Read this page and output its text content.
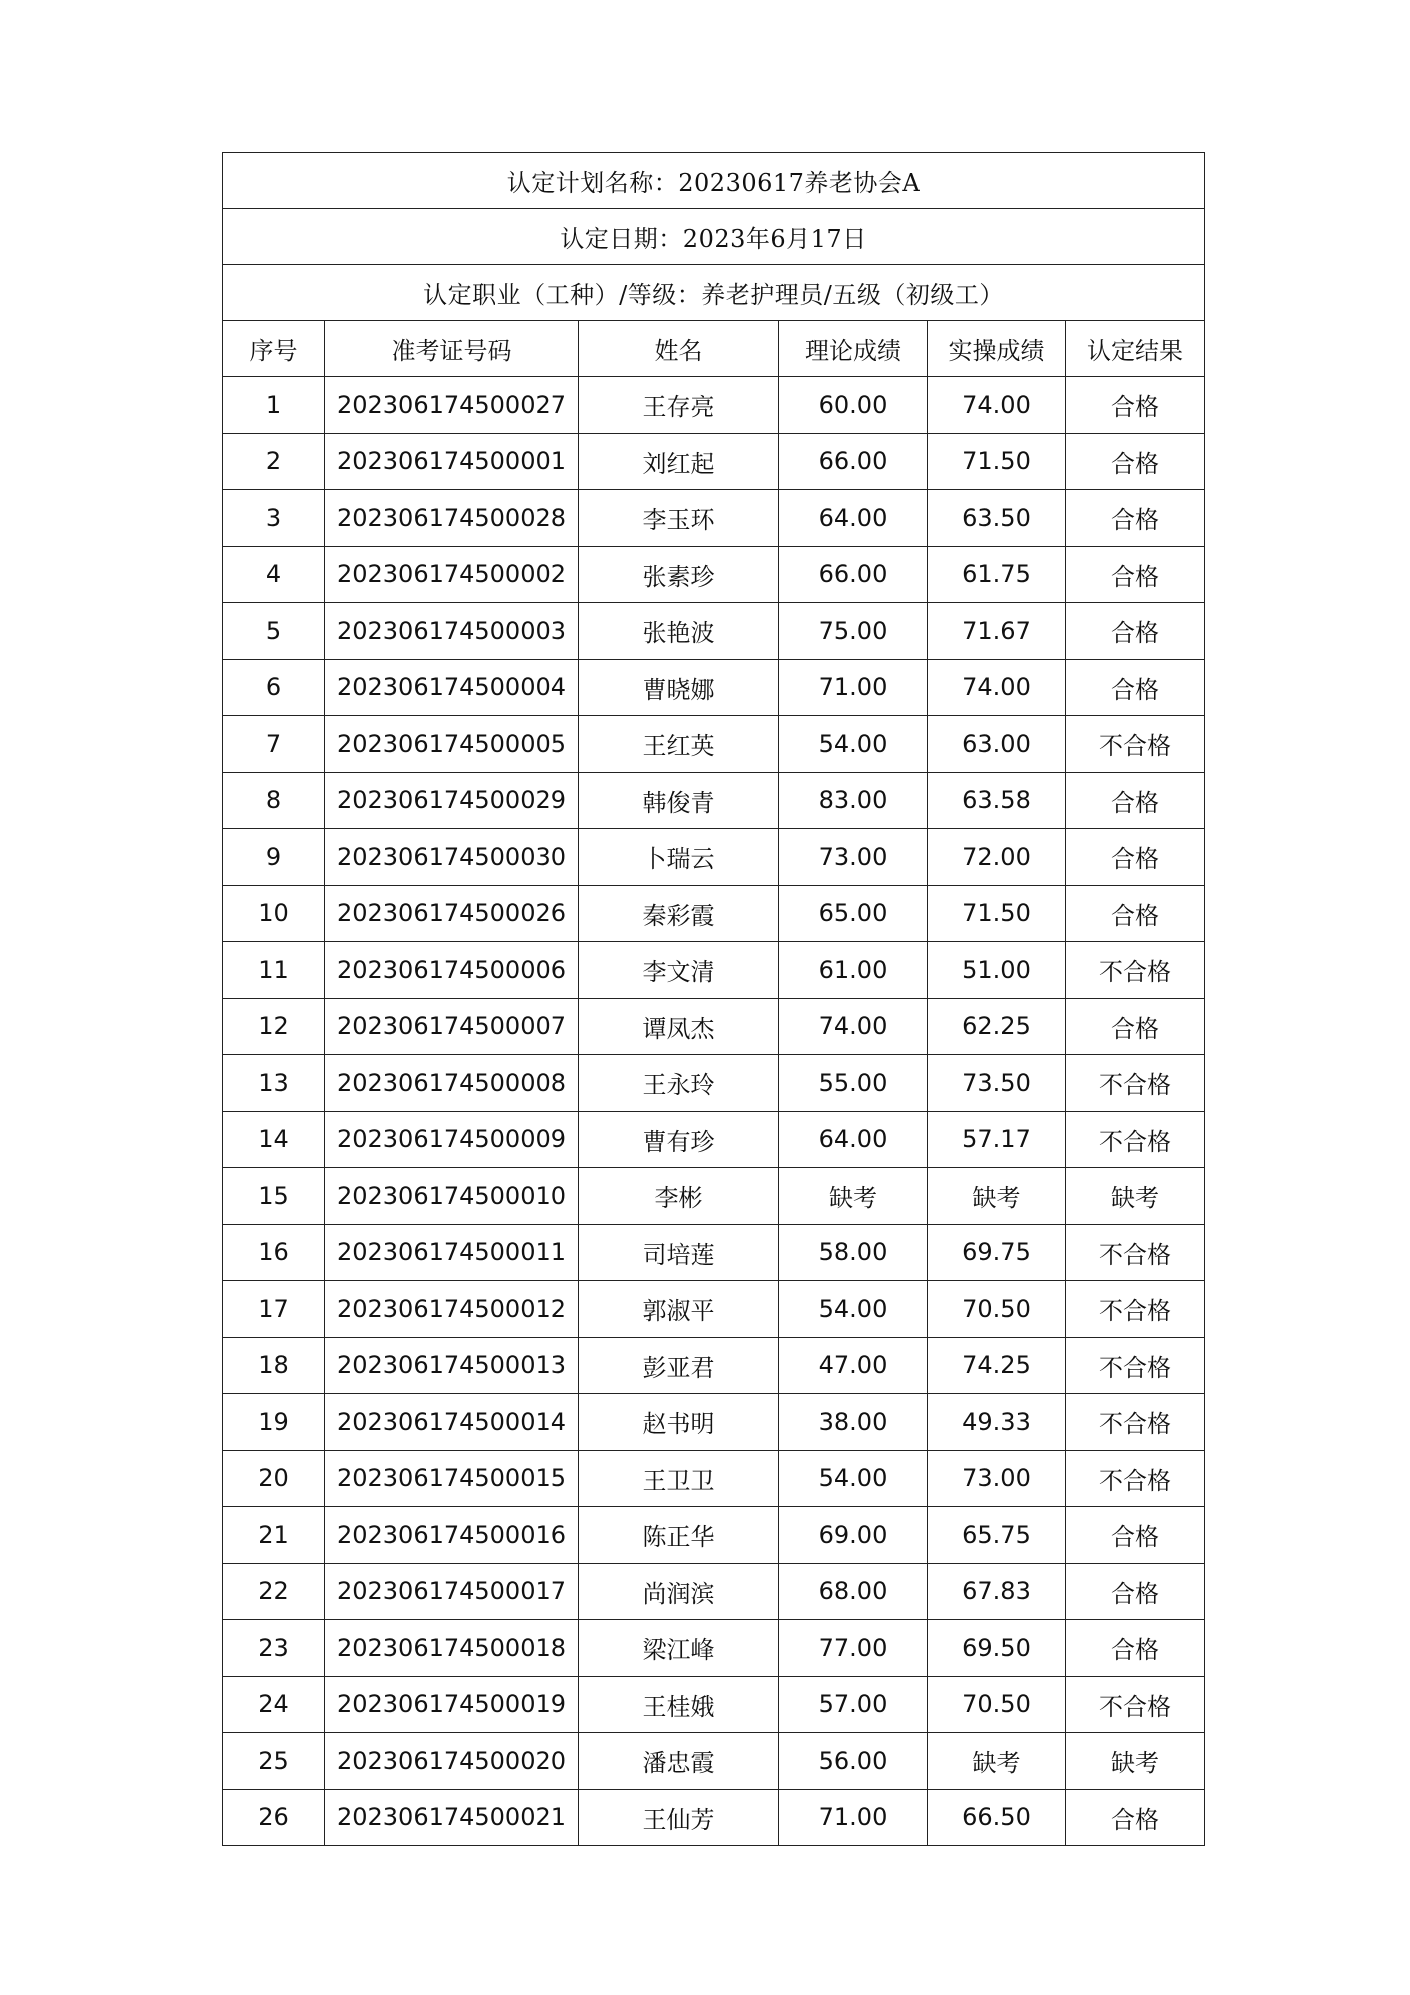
认定计划名称：20230617养老协会A					
认定日期：2023年6月17日					
认定职业（工种）/等级：养老护理员/五级（初级工）					
序号	准考证号码	姓名	理论成绩	实操成绩	认定结果
1	202306174500027	王存亮	60.00	74.00	合格
2	202306174500001	刘红起	66.00	71.50	合格
3	202306174500028	李玉环	64.00	63.50	合格
4	202306174500002	张素珍	66.00	61.75	合格
5	202306174500003	张艳波	75.00	71.67	合格
6	202306174500004	曹晓娜	71.00	74.00	合格
7	202306174500005	王红英	54.00	63.00	不合格
8	202306174500029	韩俊青	83.00	63.58	合格
9	202306174500030	卜瑞云	73.00	72.00	合格
10	202306174500026	秦彩霞	65.00	71.50	合格
11	202306174500006	李文清	61.00	51.00	不合格
12	202306174500007	谭凤杰	74.00	62.25	合格
13	202306174500008	王永玲	55.00	73.50	不合格
14	202306174500009	曹有珍	64.00	57.17	不合格
15	202306174500010	李彬	缺考	缺考	缺考
16	202306174500011	司培莲	58.00	69.75	不合格
17	202306174500012	郭淑平	54.00	70.50	不合格
18	202306174500013	彭亚君	47.00	74.25	不合格
19	202306174500014	赵书明	38.00	49.33	不合格
20	202306174500015	王卫卫	54.00	73.00	不合格
21	202306174500016	陈正华	69.00	65.75	合格
22	202306174500017	尚润滨	68.00	67.83	合格
23	202306174500018	梁江峰	77.00	69.50	合格
24	202306174500019	王桂娥	57.00	70.50	不合格
25	202306174500020	潘忠霞	56.00	缺考	缺考
26	202306174500021	王仙芳	71.00	66.50	合格
